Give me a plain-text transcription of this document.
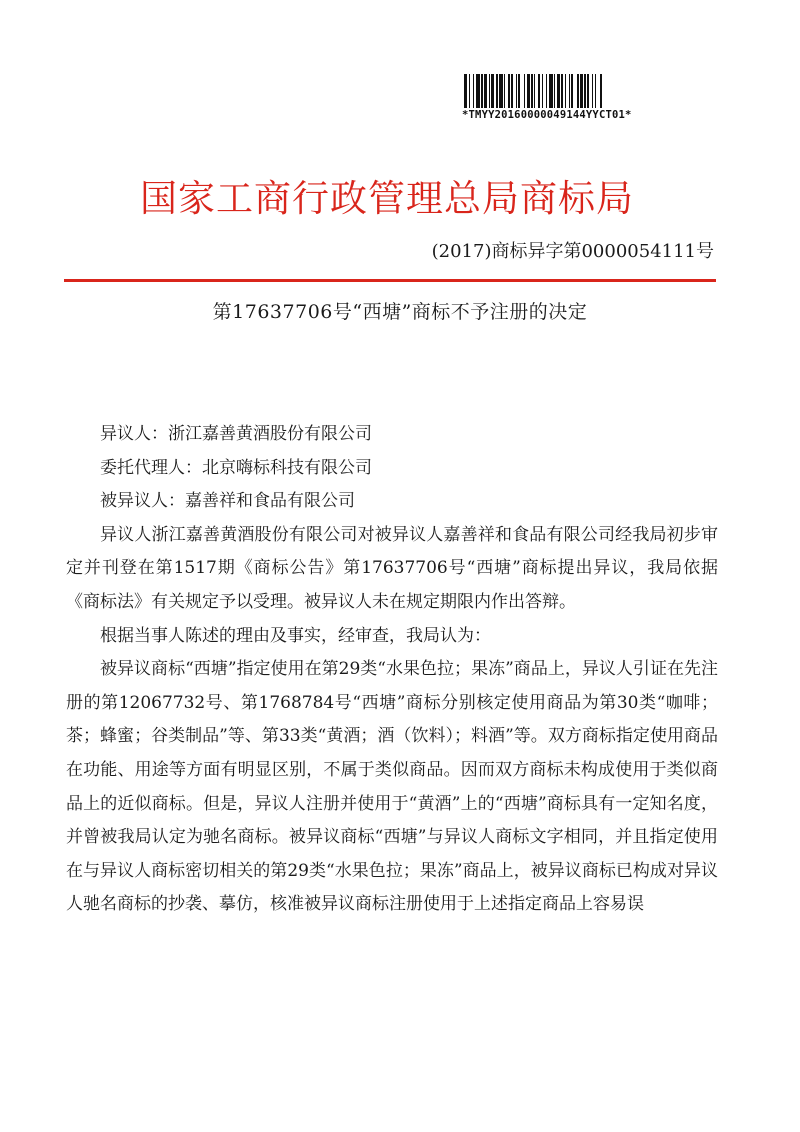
*TMYY20160000049144YYCT01*
国家工商行政管理总局商标局
(2017)商标异字第0000054111号
第17637706号“西塘”商标不予注册的决定

异议人：浙江嘉善黄酒股份有限公司

委托代理人：北京嗨标科技有限公司

被异议人：嘉善祥和食品有限公司

异议人浙江嘉善黄酒股份有限公司对被异议人嘉善祥和食品有限公司经我局初步审定并刊登在第1517期《商标公告》第17637706号“西塘”商标提出异议，我局依据《商标法》有关规定予以受理。被异议人未在规定期限内作出答辩。

根据当事人陈述的理由及事实，经审查，我局认为：

被异议商标“西塘”指定使用在第29类“水果色拉；果冻”商品上，异议人引证在先注册的第12067732号、第1768784号“西塘”商标分别核定使用商品为第30类“咖啡；茶；蜂蜜；谷类制品”等、第33类“黄酒；酒（饮料）；料酒”等。双方商标指定使用商品在功能、用途等方面有明显区别，不属于类似商品。因而双方商标未构成使用于类似商品上的近似商标。但是，异议人注册并使用于“黄酒”上的“西塘”商标具有一定知名度，并曾被我局认定为驰名商标。被异议商标“西塘”与异议人商标文字相同，并且指定使用在与异议人商标密切相关的第29类“水果色拉；果冻”商品上，被异议商标已构成对异议人驰名商标的抄袭、摹仿，核准被异议商标注册使用于上述指定商品上容易误
